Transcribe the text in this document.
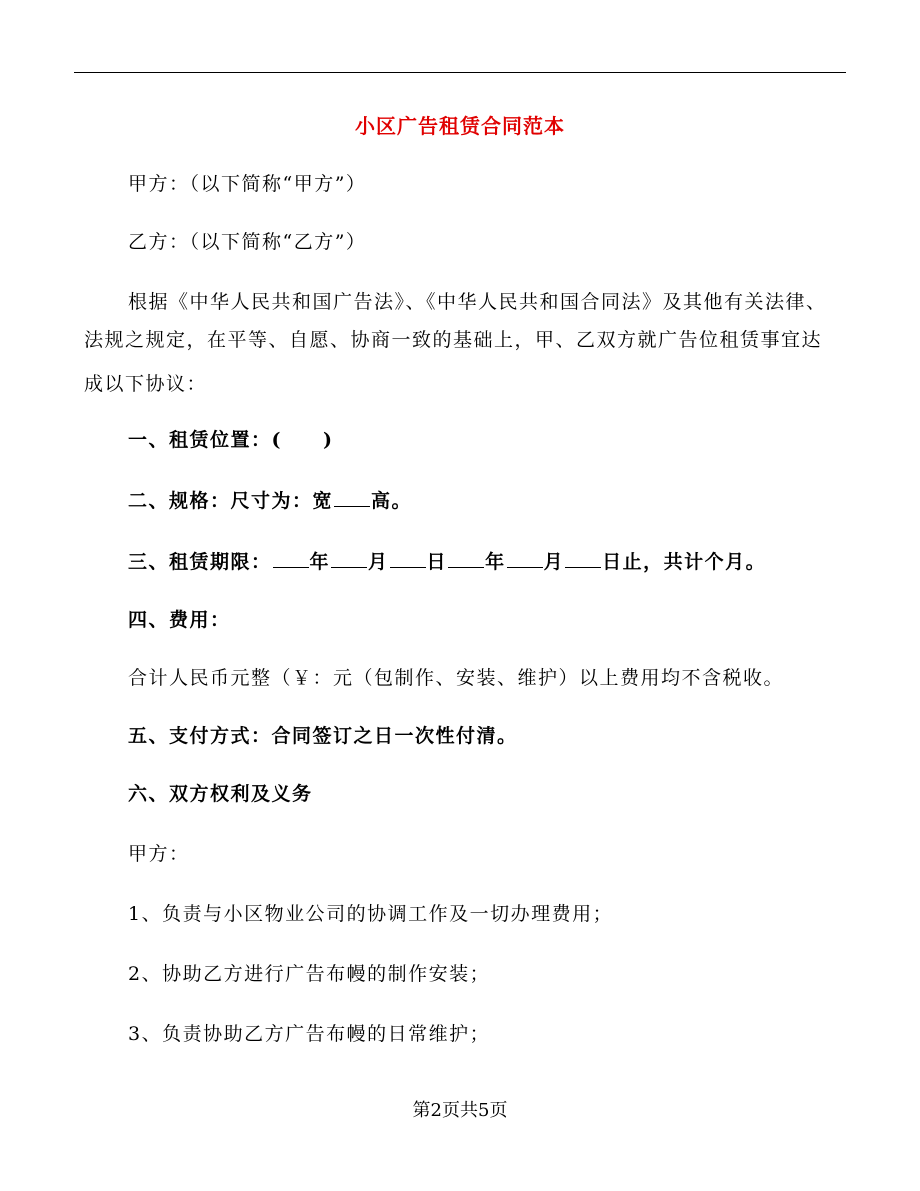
小区广告租赁合同范本
甲方：（以下简称“甲方”）
乙方：（以下简称“乙方”）
根据《中华人民共和国广告法》、《中华人民共和国合同法》及其他有关法律、
法规之规定，在平等、自愿、协商一致的基础上，甲、乙双方就广告位租赁事宜达
成以下协议：
一、租赁位置：(　　)
二、规格：尺寸为：宽 高。
三、租赁期限： 年 月 日 年 月 日止，共计个月。
四、费用：
合计人民币元整（￥：元（包制作、安装、维护）以上费用均不含税收。
五、支付方式：合同签订之日一次性付清。
六、双方权利及义务
甲方：
1、负责与小区物业公司的协调工作及一切办理费用；
2、协助乙方进行广告布幔的制作安装；
3、负责协助乙方广告布幔的日常维护；
第2页共5页
